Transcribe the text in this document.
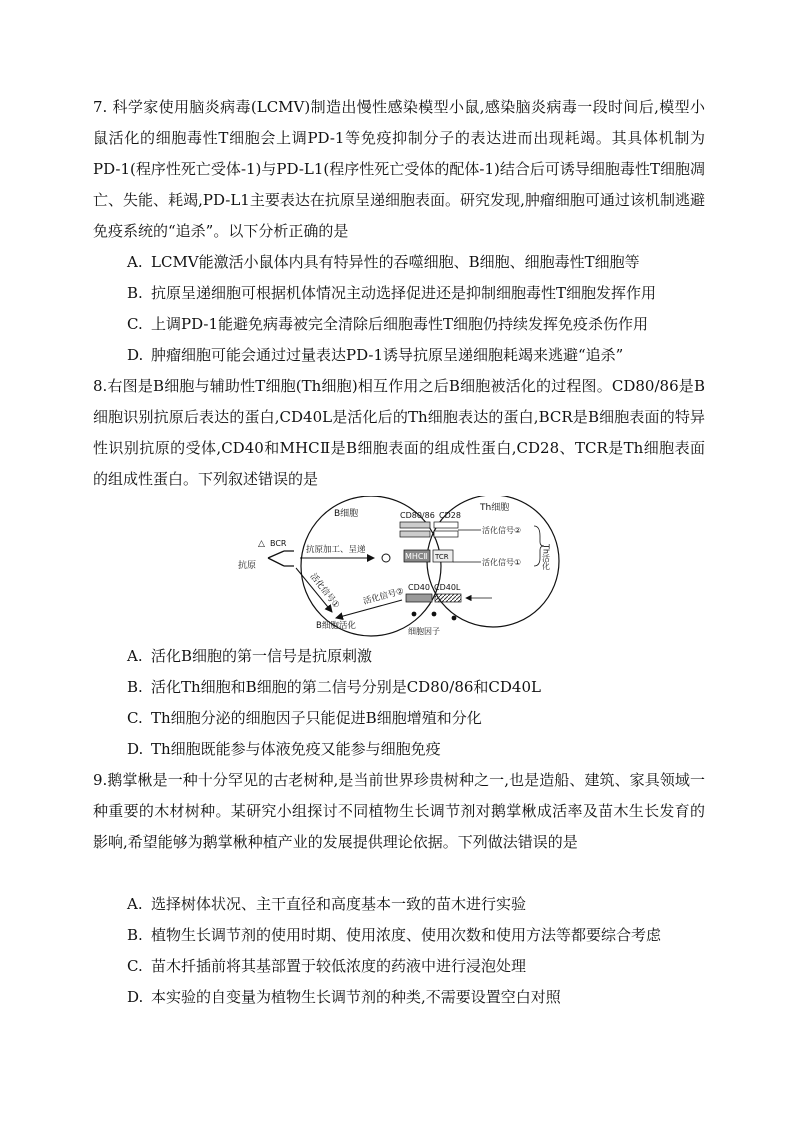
7. 科学家使用脑炎病毒(LCMV)制造出慢性感染模型小鼠,感染脑炎病毒一段时间后,模型小鼠活化的细胞毒性T细胞会上调PD-1等免疫抑制分子的表达进而出现耗竭。其具体机制为PD-1(程序性死亡受体-1)与PD-L1(程序性死亡受体的配体-1)结合后可诱导细胞毒性T细胞凋亡、失能、耗竭,PD-L1主要表达在抗原呈递细胞表面。研究发现,肿瘤细胞可通过该机制逃避免疫系统的“追杀”。以下分析正确的是

A. LCMV能激活小鼠体内具有特异性的吞噬细胞、B细胞、细胞毒性T细胞等

B. 抗原呈递细胞可根据机体情况主动选择促进还是抑制细胞毒性T细胞发挥作用

C. 上调PD-1能避免病毒被完全清除后细胞毒性T细胞仍持续发挥免疫杀伤作用

D. 肿瘤细胞可能会通过过量表达PD-1诱导抗原呈递细胞耗竭来逃避“追杀”

8.右图是B细胞与辅助性T细胞(Th细胞)相互作用之后B细胞被活化的过程图。CD80/86是B细胞识别抗原后表达的蛋白,CD40L是活化后的Th细胞表达的蛋白,BCR是B细胞表面的特异性识别抗原的受体,CD40和MHCⅡ是B细胞表面的组成性蛋白,CD28、TCR是Th细胞表面的组成性蛋白。下列叙述错误的是

B细胞
Th细胞
△ BCR
抗原
抗原加工、呈递
CD80/86 CD28
活化信号②
MHCⅡ TCR
活化信号①	Th活化
CD40 CD40L
活化信号②
活化信号①
B细胞活化
细胞因子

A. 活化B细胞的第一信号是抗原刺激

B. 活化Th细胞和B细胞的第二信号分别是CD80/86和CD40L

C. Th细胞分泌的细胞因子只能促进B细胞增殖和分化

D. Th细胞既能参与体液免疫又能参与细胞免疫

9.鹅掌楸是一种十分罕见的古老树种,是当前世界珍贵树种之一,也是造船、建筑、家具领域一种重要的木材树种。某研究小组探讨不同植物生长调节剂对鹅掌楸成活率及苗木生长发育的影响,希望能够为鹅掌楸种植产业的发展提供理论依据。下列做法错误的是

A. 选择树体状况、主干直径和高度基本一致的苗木进行实验

B. 植物生长调节剂的使用时期、使用浓度、使用次数和使用方法等都要综合考虑

C. 苗木扦插前将其基部置于较低浓度的药液中进行浸泡处理

D. 本实验的自变量为植物生长调节剂的种类,不需要设置空白对照
